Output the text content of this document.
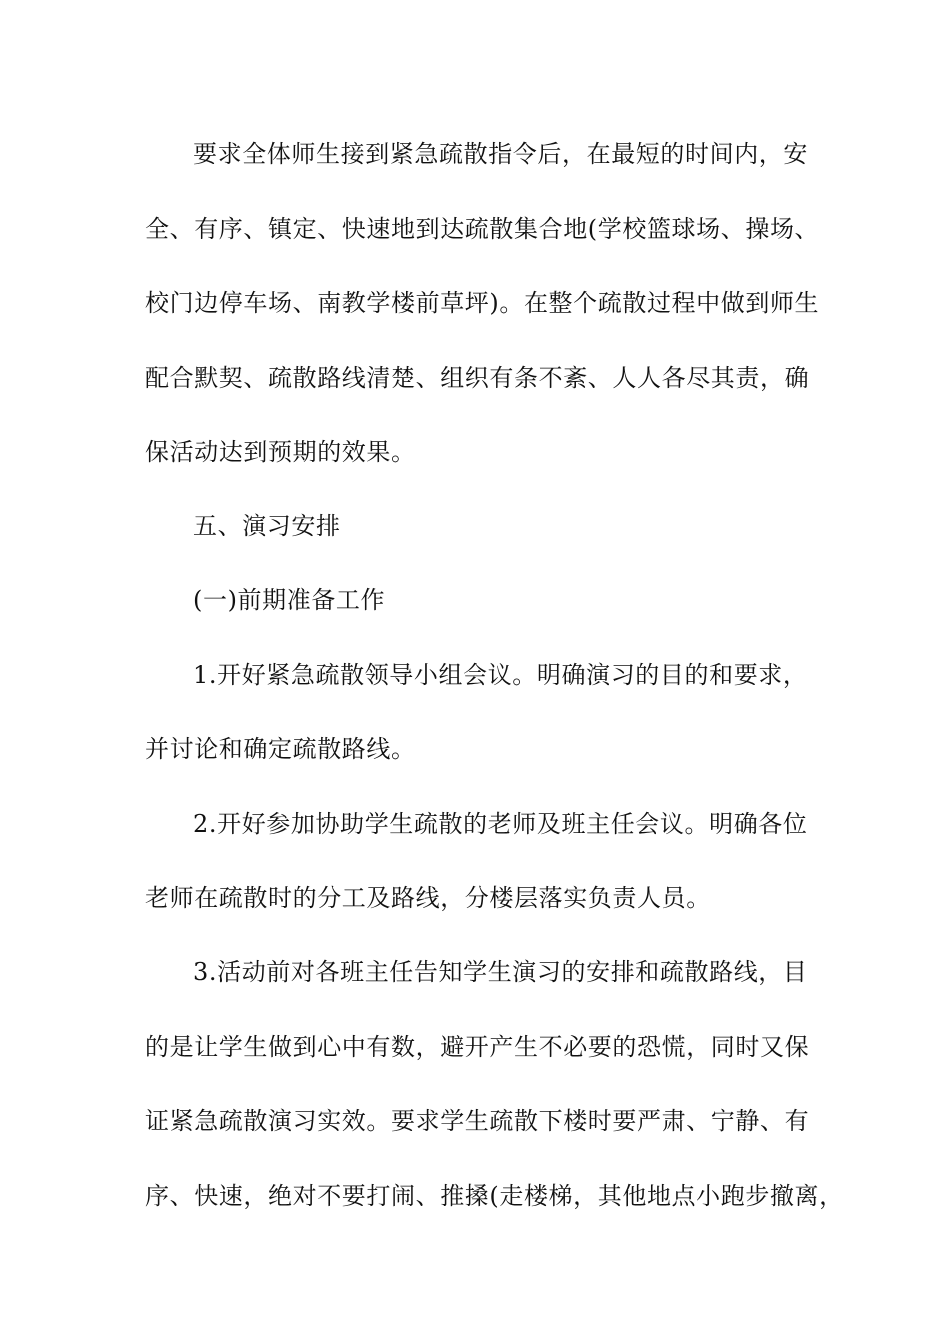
要求全体师生接到紧急疏散指令后，在最短的时间内，安
全、有序、镇定、快速地到达疏散集合地(学校篮球场、操场、
校门边停车场、南教学楼前草坪)。在整个疏散过程中做到师生
配合默契、疏散路线清楚、组织有条不紊、人人各尽其责，确
保活动达到预期的效果。
五、演习安排
(一)前期准备工作
1.开好紧急疏散领导小组会议。明确演习的目的和要求，
并讨论和确定疏散路线。
2.开好参加协助学生疏散的老师及班主任会议。明确各位
老师在疏散时的分工及路线，分楼层落实负责人员。
3.活动前对各班主任告知学生演习的安排和疏散路线，目
的是让学生做到心中有数，避开产生不必要的恐慌，同时又保
证紧急疏散演习实效。要求学生疏散下楼时要严肃、宁静、有
序、快速，绝对不要打闹、推搡(走楼梯，其他地点小跑步撤离，
